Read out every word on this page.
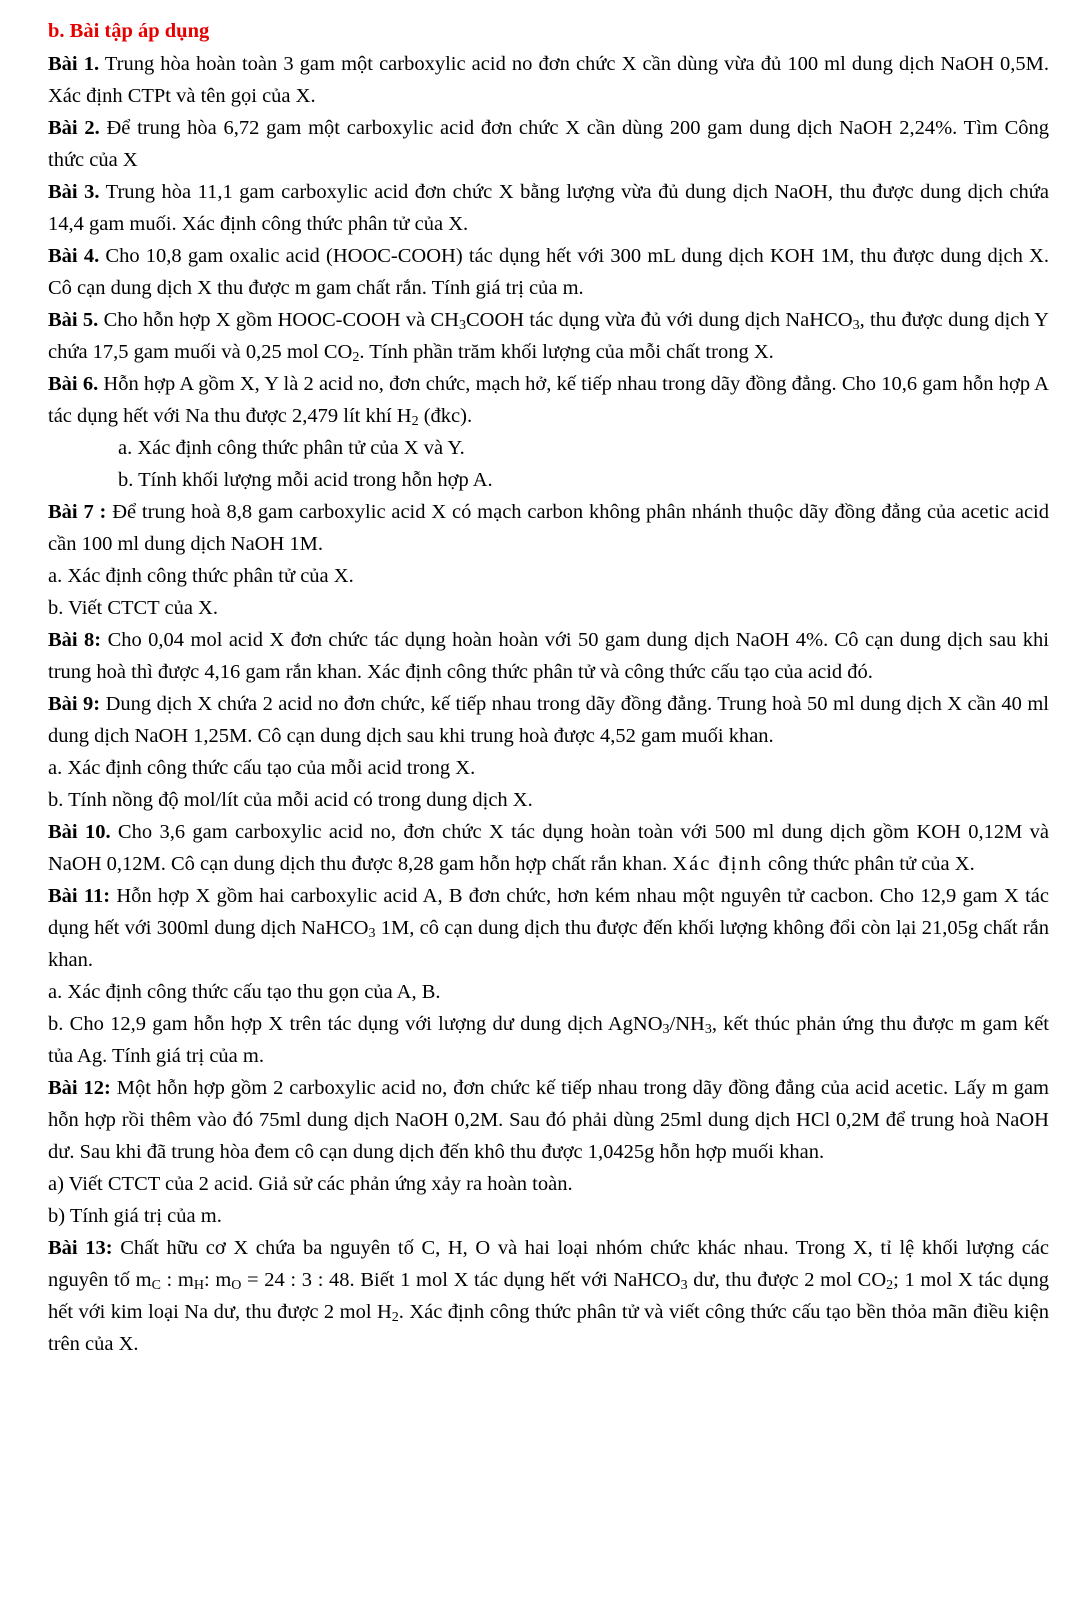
b. Bài tập áp dụng

Bài 1. Trung hòa hoàn toàn 3 gam một carboxylic acid no đơn chức X cần dùng vừa đủ 100 ml dung dịch NaOH 0,5M. Xác định CTPt và tên gọi của X.

Bài 2. Để trung hòa 6,72 gam một carboxylic acid đơn chức X cần dùng 200 gam dung dịch NaOH 2,24%. Tìm Công thức của X

Bài 3. Trung hòa 11,1 gam carboxylic acid đơn chức X bằng lượng vừa đủ dung dịch NaOH, thu được dung dịch chứa 14,4 gam muối. Xác định công thức phân tử của X.

Bài 4. Cho 10,8 gam oxalic acid (HOOC-COOH) tác dụng hết với 300 mL dung dịch KOH 1M, thu được dung dịch X. Cô cạn dung dịch X thu được m gam chất rắn. Tính giá trị của m.

Bài 5. Cho hỗn hợp X gồm HOOC-COOH và $CH_3COOH$ tác dụng vừa đủ với dung dịch NaHCO$_3$, thu được dung dịch Y chứa 17,5 gam muối và 0,25 mol $CO_2$. Tính phần trăm khối lượng của mỗi chất trong X.

Bài 6. Hỗn hợp A gồm X, Y là 2 acid no, đơn chức, mạch hở, kế tiếp nhau trong dãy đồng đẳng. Cho 10,6 gam hỗn hợp A tác dụng hết với Na thu được 2,479 lít khí $H_2$ (đkc).

a. Xác định công thức phân tử của X và Y.

b. Tính khối lượng mỗi acid trong hỗn hợp A.

Bài 7 : Để trung hoà 8,8 gam carboxylic acid X có mạch carbon không phân nhánh thuộc dãy đồng đẳng của acetic acid cần 100 ml dung dịch NaOH 1M.

a. Xác định công thức phân tử của X.

b. Viết CTCT của X.

Bài 8: Cho 0,04 mol acid X đơn chức tác dụng hoàn hoàn với 50 gam dung dịch NaOH 4%. Cô cạn dung dịch sau khi trung hoà thì được 4,16 gam rắn khan. Xác định công thức phân tử và công thức cấu tạo của acid đó.

Bài 9: Dung dịch X chứa 2 acid no đơn chức, kế tiếp nhau trong dãy đồng đẳng. Trung hoà 50 ml dung dịch X cần 40 ml dung dịch NaOH 1,25M. Cô cạn dung dịch sau khi trung hoà được 4,52 gam muối khan.

a. Xác định công thức cấu tạo của mỗi acid trong X.

b. Tính nồng độ mol/lít của mỗi acid có trong dung dịch X.

Bài 10. Cho 3,6 gam carboxylic acid no, đơn chức X tác dụng hoàn toàn với 500 ml dung dịch gồm KOH 0,12M và NaOH 0,12M. Cô cạn dung dịch thu được 8,28 gam hỗn hợp chất rắn khan. Xác định công thức phân tử của X.

Bài 11: Hỗn hợp X gồm hai carboxylic acid A, B đơn chức, hơn kém nhau một nguyên tử cacbon. Cho 12,9 gam X tác dụng hết với 300ml dung dịch NaHCO$_3$ 1M, cô cạn dung dịch thu được đến khối lượng không đổi còn lại 21,05g chất rắn khan.

a. Xác định công thức cấu tạo thu gọn của A, B.

b. Cho 12,9 gam hỗn hợp X trên tác dụng với lượng dư dung dịch $AgNO_3/NH_3$, kết thúc phản ứng thu được m gam kết tủa Ag. Tính giá trị của m.

Bài 12: Một hỗn hợp gồm 2 carboxylic acid no, đơn chức kế tiếp nhau trong dãy đồng đẳng của acid acetic. Lấy m gam hỗn hợp rồi thêm vào đó 75ml dung dịch NaOH 0,2M. Sau đó phải dùng 25ml dung dịch HCl 0,2M để trung hoà NaOH dư. Sau khi đã trung hòa đem cô cạn dung dịch đến khô thu được 1,0425g hỗn hợp muối khan.

a) Viết CTCT của 2 acid. Giả sử các phản ứng xảy ra hoàn toàn.

b) Tính giá trị của m.

Bài 13: Chất hữu cơ X chứa ba nguyên tố C, H, O và hai loại nhóm chức khác nhau. Trong X, tỉ lệ khối lượng các nguyên tố $m_C$ : $m_H$: $m_O = 24$ : 3 : 48. Biết 1 mol X tác dụng hết với NaHCO$_3$ dư, thu được 2 mol $CO_2$; 1 mol X tác dụng hết với kim loại Na dư, thu được 2 mol $H_2$. Xác định công thức phân tử và viết công thức cấu tạo bền thỏa mãn điều kiện trên của X.
